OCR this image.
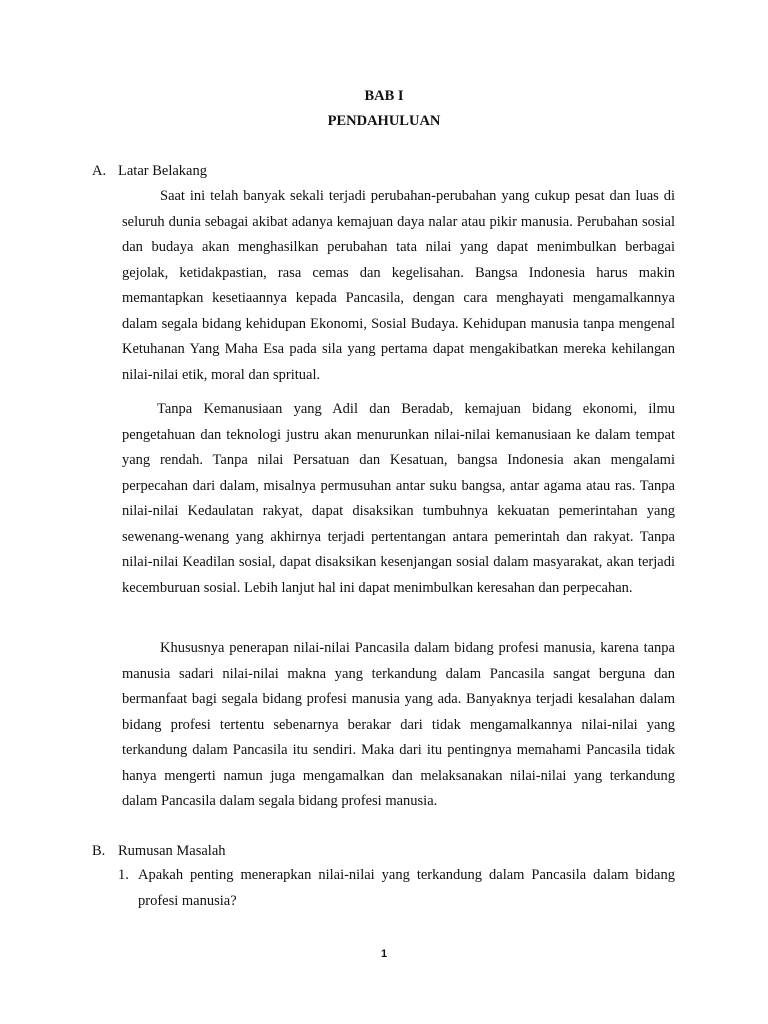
BAB I
PENDAHULUAN
A. Latar Belakang

Saat ini telah banyak sekali terjadi perubahan-perubahan yang cukup pesat dan luas di seluruh dunia sebagai akibat adanya kemajuan daya nalar atau pikir manusia. Perubahan sosial dan budaya akan menghasilkan perubahan tata nilai yang dapat menimbulkan berbagai gejolak, ketidakpastian, rasa cemas dan kegelisahan. Bangsa Indonesia harus makin memantapkan kesetiaannya kepada Pancasila, dengan cara menghayati mengamalkannya dalam segala bidang kehidupan Ekonomi, Sosial Budaya. Kehidupan manusia tanpa mengenal Ketuhanan Yang Maha Esa pada sila yang pertama dapat mengakibatkan mereka kehilangan nilai-nilai etik, moral dan spritual.

Tanpa Kemanusiaan yang Adil dan Beradab, kemajuan bidang ekonomi, ilmu pengetahuan dan teknologi justru akan menurunkan nilai-nilai kemanusiaan ke dalam tempat yang rendah. Tanpa nilai Persatuan dan Kesatuan, bangsa Indonesia akan mengalami perpecahan dari dalam, misalnya permusuhan antar suku bangsa, antar agama atau ras. Tanpa nilai-nilai Kedaulatan rakyat, dapat disaksikan tumbuhnya kekuatan pemerintahan yang sewenang-wenang yang akhirnya terjadi pertentangan antara pemerintah dan rakyat. Tanpa nilai-nilai Keadilan sosial, dapat disaksikan kesenjangan sosial dalam masyarakat, akan terjadi kecemburuan sosial. Lebih lanjut hal ini dapat menimbulkan keresahan dan perpecahan.

Khususnya penerapan nilai-nilai Pancasila dalam bidang profesi manusia, karena tanpa manusia sadari nilai-nilai makna yang terkandung dalam Pancasila sangat berguna dan bermanfaat bagi segala bidang profesi manusia yang ada. Banyaknya terjadi kesalahan dalam bidang profesi tertentu sebenarnya berakar dari tidak mengamalkannya nilai-nilai yang terkandung dalam Pancasila itu sendiri. Maka dari itu pentingnya memahami Pancasila tidak hanya mengerti namun juga mengamalkan dan melaksanakan nilai-nilai yang terkandung dalam Pancasila dalam segala bidang profesi manusia.

B. Rumusan Masalah
1. Apakah penting menerapkan nilai-nilai yang terkandung dalam Pancasila dalam bidang profesi manusia?
1
